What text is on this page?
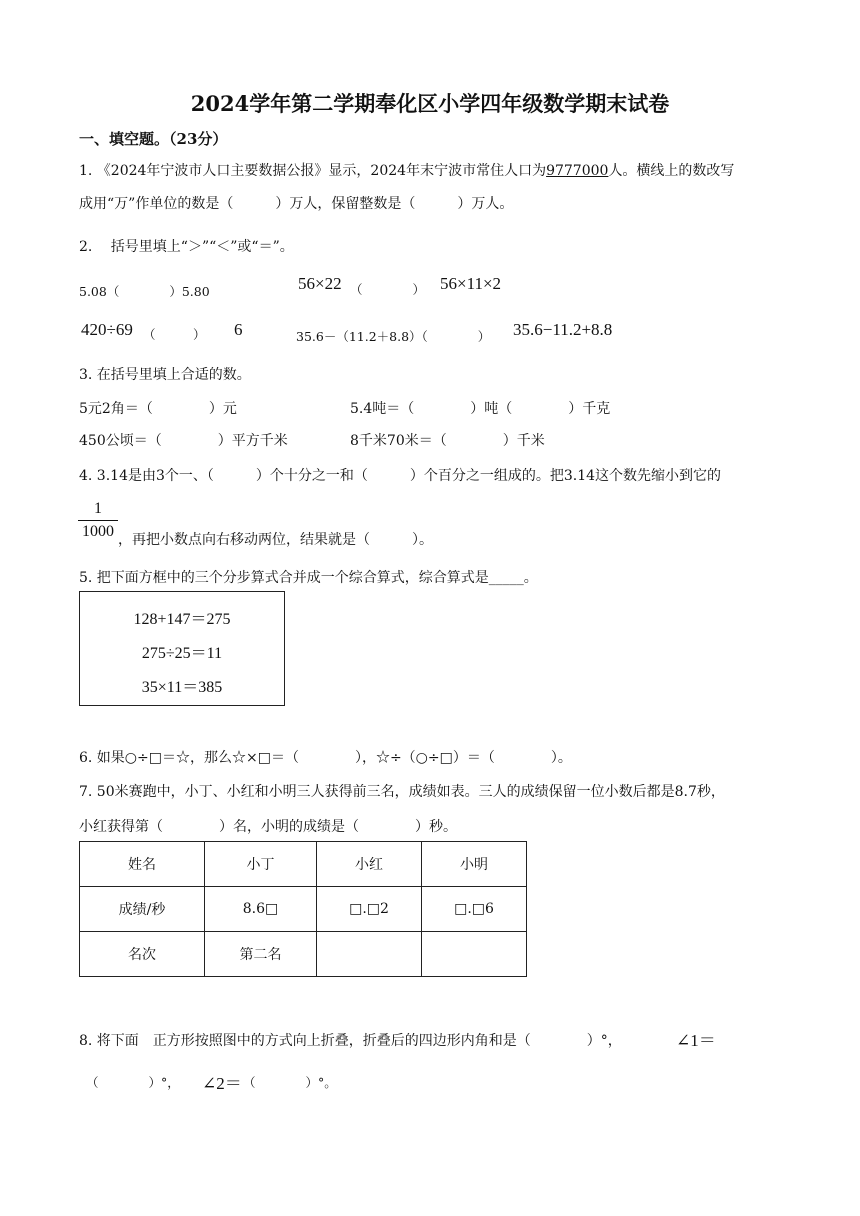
2024学年第二学期奉化区小学四年级数学期末试卷
一、填空题。（23分）
1. 《2024年宁波市人口主要数据公报》显示，2024年末宁波市常住人口为9777000人。横线上的数改写
成用“万”作单位的数是（　　　）万人，保留整数是（　　　）万人。
2.　 括号里填上“＞”“＜”或“＝”。
5.08（　　　　）5.80	56×22 （　　　　） 56×11×2
420÷69 （　　　） 6	35.6－（11.2＋8.8）（　　　　） 35.6−11.2+8.8
3. 在括号里填上合适的数。
5元2角＝（　　　　）元	5.4吨＝（　　　　）吨（　　　　）千克
450公顷＝（　　　　）平方千米	8千米70米＝（　　　　）千米
4. 3.14是由3个一、（　　　）个十分之一和（　　　）个百分之一组成的。把3.14这个数先缩小到它的
1
1000 ，再把小数点向右移动两位，结果就是（　　　）。
5. 把下面方框中的三个分步算式合并成一个综合算式，综合算式是_____。
128+147＝275
275÷25＝11
35×11＝385
6. 如果○÷□＝☆，那么☆×□＝（　　　　），☆÷（○÷□）＝（　　　　）。
7. 50米赛跑中，小丁、小红和小明三人获得前三名，成绩如表。三人的成绩保留一位小数后都是8.7秒，
小红获得第（　　　　）名，小明的成绩是（　　　　）秒。
姓名	小丁	小红	小明
成绩/秒	8.6□	□.□2	□.□6
名次	第二名		
8. 将下面　正方形按照图中的方式向上折叠，折叠后的四边形内角和是（　　　　）°，	∠1＝
（　　　　）°， ∠2＝ （　　　　）°。
